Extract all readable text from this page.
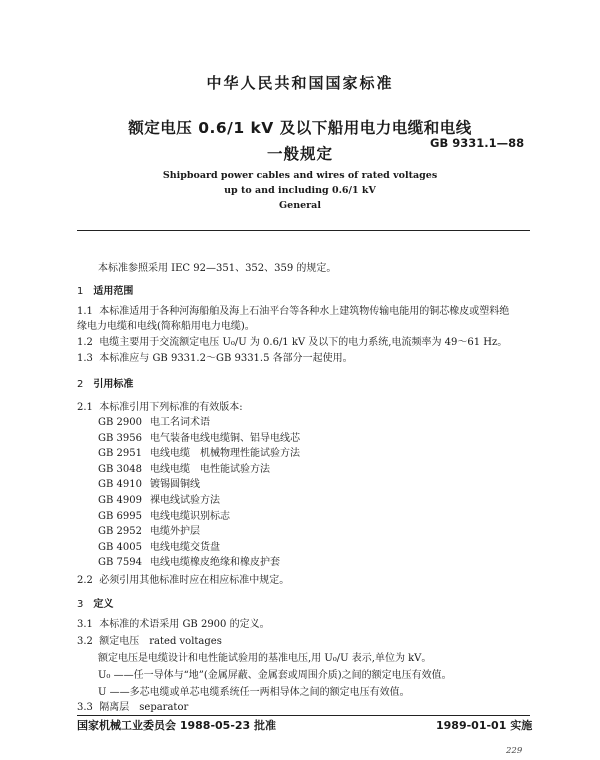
中华人民共和国国家标准
额定电压 0.6/1 kV 及以下船用电力电缆和电线
一般规定
GB 9331.1—88
Shipboard power cables and wires of rated voltages
up to and including 0.6/1 kV
General
本标准参照采用 IEC 92—351、352、359 的规定。
1 适用范围
1.1 本标准适用于各种河海船舶及海上石油平台等各种水上建筑物传输电能用的铜芯橡皮或塑料绝
缘电力电缆和电线(简称船用电力电缆)。
1.2 电缆主要用于交流额定电压 U₀/U 为 0.6/1 kV 及以下的电力系统,电流频率为 49～61 Hz。
1.3 本标准应与 GB 9331.2～GB 9331.5 各部分一起使用。
2 引用标准
2.1 本标准引用下列标准的有效版本:
GB 2900 电工名词术语
GB 3956 电气装备电线电缆铜、铝导电线芯
GB 2951 电线电缆　机械物理性能试验方法
GB 3048 电线电缆　电性能试验方法
GB 4910 镀锡圆铜线
GB 4909 裸电线试验方法
GB 6995 电线电缆识别标志
GB 2952 电缆外护层
GB 4005 电线电缆交货盘
GB 7594 电线电缆橡皮绝缘和橡皮护套
2.2 必须引用其他标准时应在相应标准中规定。
3 定义
3.1 本标准的术语采用 GB 2900 的定义。
3.2 额定电压　rated voltages
额定电压是电缆设计和电性能试验用的基准电压,用 U₀/U 表示,单位为 kV。
U₀ ——任一导体与“地”(金属屏蔽、金属套或周围介质)之间的额定电压有效值。
U ——多芯电缆或单芯电缆系统任一两相导体之间的额定电压有效值。
国家机械工业委员会 1988-05-23 批准	1989-01-01 实施
229
3.3 隔离层　separator
